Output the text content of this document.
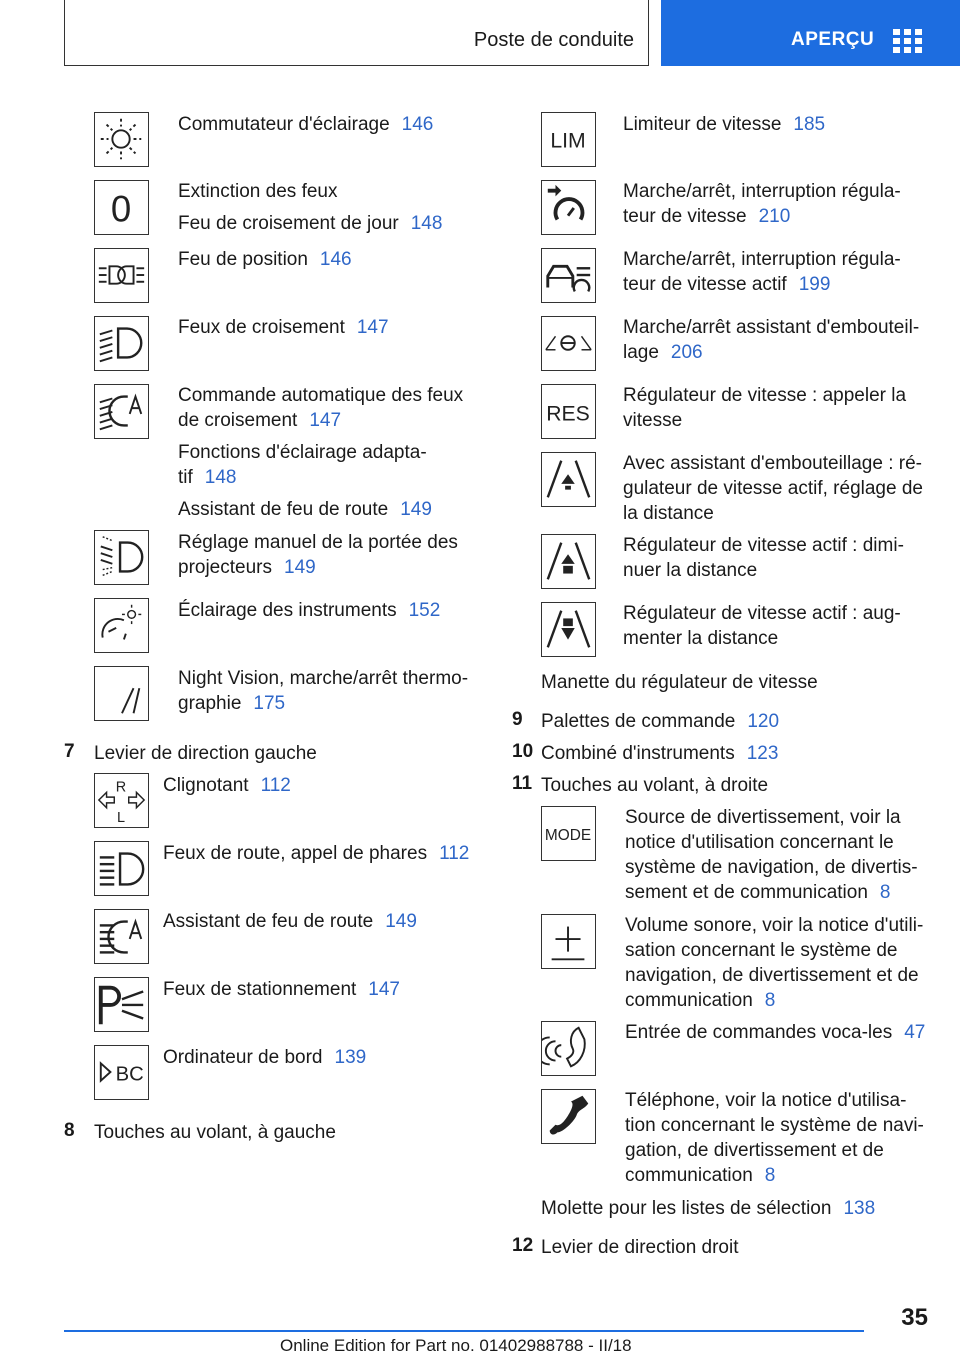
Poste de conduite	APERÇU

Commutateur d'éclairage 146

0 Extinction des feux

Feu de croisement de jour 148

Feu de position 146

Feux de croisement 147

Commande automatique des feux de croisement 147

Fonctions d'éclairage adapta‐tif 148

Assistant de feu de route 149

Réglage manuel de la portée des projecteurs 149

Éclairage des instruments 152

Night Vision, marche/arrêt thermo‐graphie 175

7 Levier de direction gauche
R
L

Clignotant 112

Feux de route, appel de phares 112

Assistant de feu de route 149

Feux de stationnement 147

BC

Ordinateur de bord 139

8 Touches au volant, à gauche
LIM

Limiteur de vitesse 185

Marche/arrêt, interruption régula‐teur de vitesse 210

Marche/arrêt, interruption régula‐teur de vitesse actif 199

Marche/arrêt assistant d'embouteil‐lage 206

RES

Régulateur de vitesse : appeler la vitesse

Avec assistant d'embouteillage : ré‐gulateur de vitesse actif, réglage de la distance

Régulateur de vitesse actif : dimi‐nuer la distance

Régulateur de vitesse actif : aug‐menter la distance

Manette du régulateur de vitesse
9 Palettes de commande 120
10 Combiné d'instruments 123
11 Touches au volant, à droite
MODE

Source de divertissement, voir la notice d'utilisation concernant le système de navigation, de divertis‐sement et de communication 8

Volume sonore, voir la notice d'utili‐sation concernant le système de navigation, de divertissement et de communication 8

Entrée de commandes voca‐les 47

Téléphone, voir la notice d'utilisa‐tion concernant le système de navi‐gation, de divertissement et de communication 8

Molette pour les listes de sélection 138
12 Levier de direction droit
35
Online Edition for Part no. 01402988788 - II/18
